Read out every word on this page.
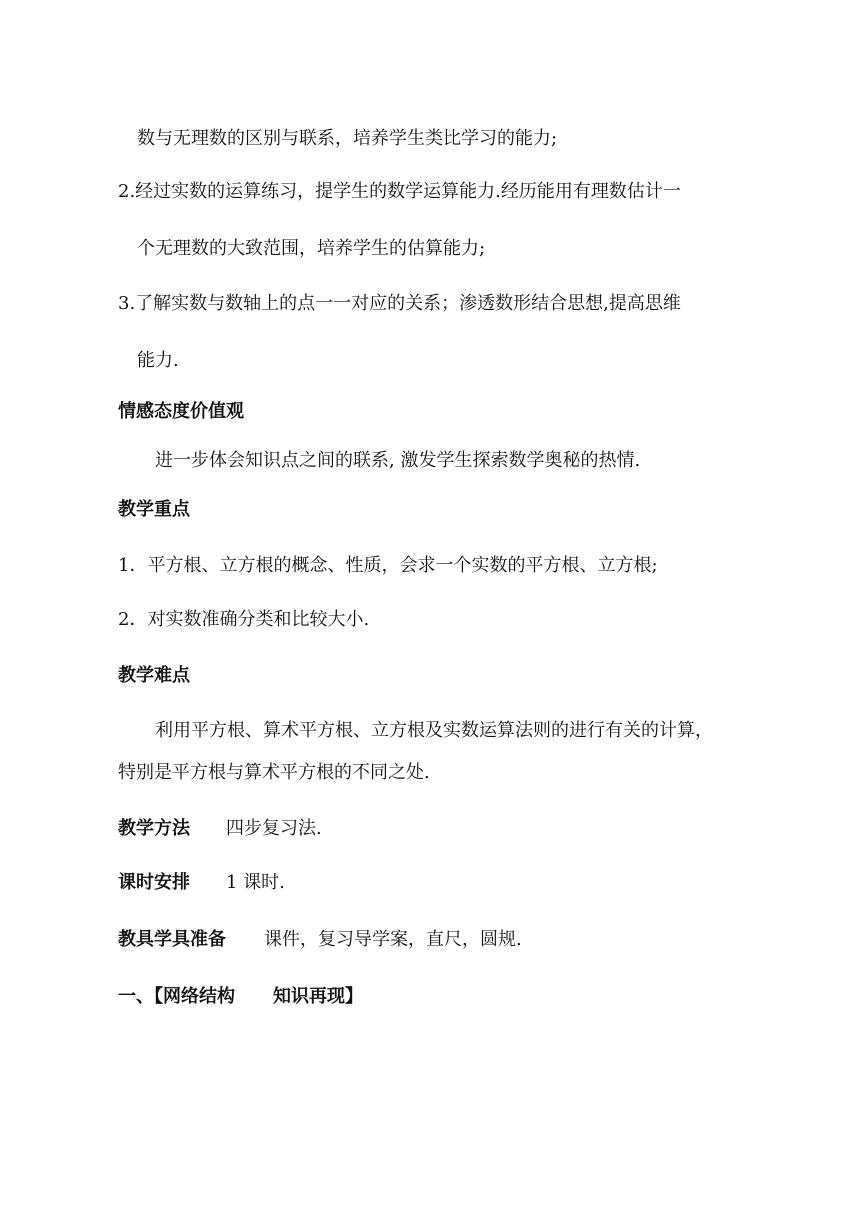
数与无理数的区别与联系，培养学生类比学习的能力;
2.经过实数的运算练习，提学生的数学运算能力.经历能用有理数估计一
个无理数的大致范围，培养学生的估算能力;
3.了解实数与数轴上的点一一对应的关系；渗透数形结合思想,提高思维
能力.
情感态度价值观
进一步体会知识点之间的联系, 激发学生探索数学奥秘的热情.
教学重点
1．平方根、立方根的概念、性质，会求一个实数的平方根、立方根;
2．对实数准确分类和比较大小.
教学难点
利用平方根、算术平方根、立方根及实数运算法则的进行有关的计算，
特别是平方根与算术平方根的不同之处.
教学方法 四步复习法.
课时安排 1 课时.
教具学具准备 课件，复习导学案，直尺，圆规.
一、【网络结构 知识再现】
